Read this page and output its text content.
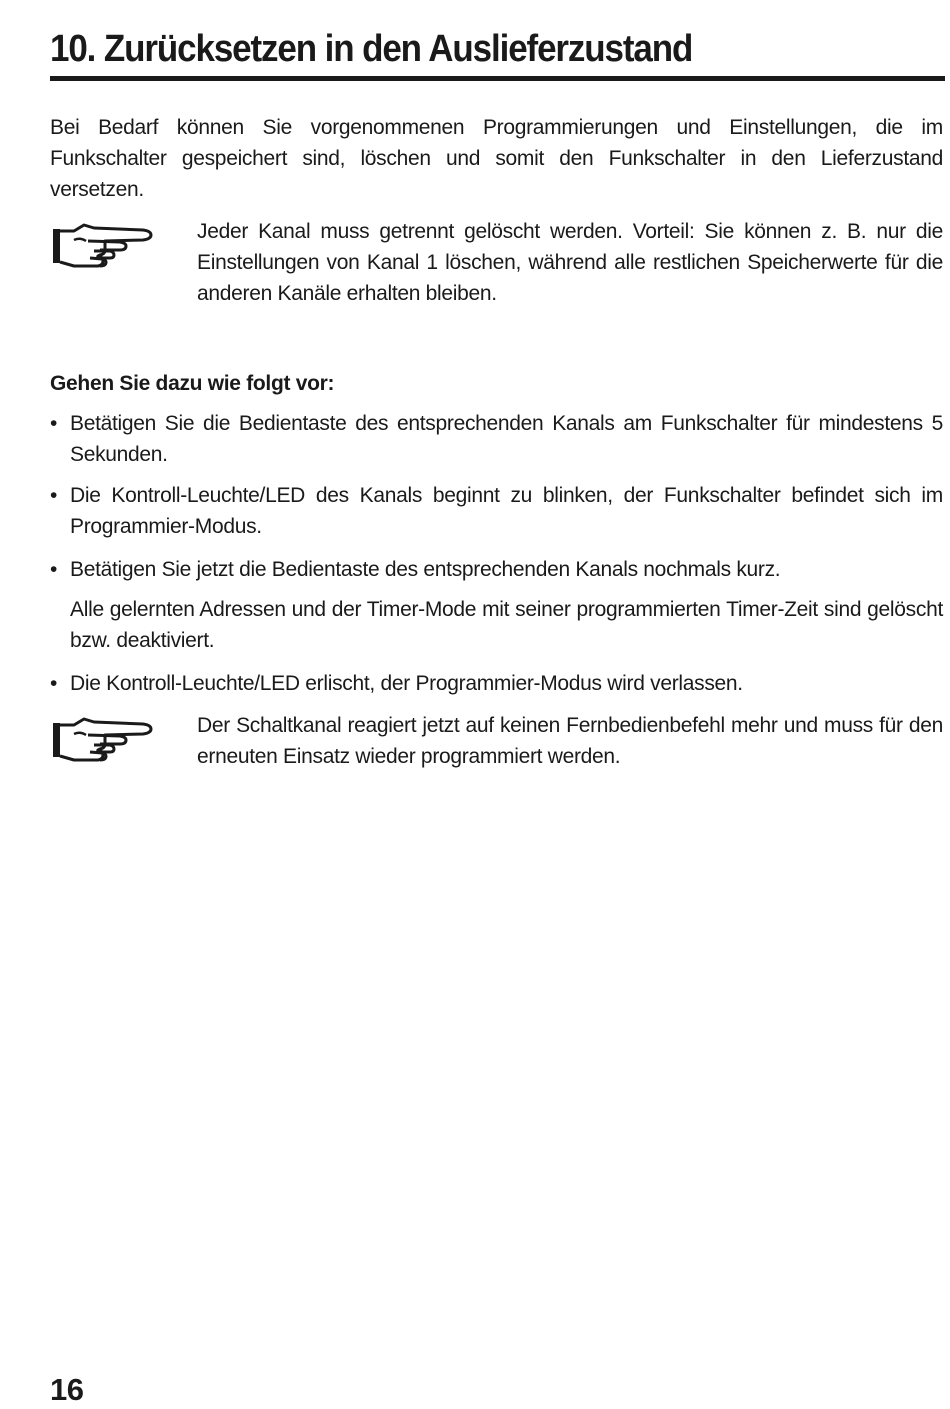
10. Zurücksetzen in den Auslieferzustand

Bei Bedarf können Sie vorgenommenen Programmierungen und Einstellungen, die im Funkschalter gespeichert sind, löschen und somit den Funkschalter in den Lieferzustand versetzen.

Jeder Kanal muss getrennt gelöscht werden. Vorteil: Sie können z. B. nur die Einstellungen von Kanal 1 löschen, während alle restlichen Speicherwerte für die anderen Kanäle erhalten bleiben.

Gehen Sie dazu wie folgt vor:

• Betätigen Sie die Bedientaste des entsprechenden Kanals am Funkschalter für mindestens 5 Sekunden.

• Die Kontroll-Leuchte/LED des Kanals beginnt zu blinken, der Funkschalter befindet sich im Programmier-Modus.

• Betätigen Sie jetzt die Bedientaste des entsprechenden Kanals nochmals kurz.

Alle gelernten Adressen und der Timer-Mode mit seiner programmierten Timer-Zeit sind gelöscht bzw. deaktiviert.

• Die Kontroll-Leuchte/LED erlischt, der Programmier-Modus wird verlassen.

Der Schaltkanal reagiert jetzt auf keinen Fernbedienbefehl mehr und muss für den erneuten Einsatz wieder programmiert werden.

16
